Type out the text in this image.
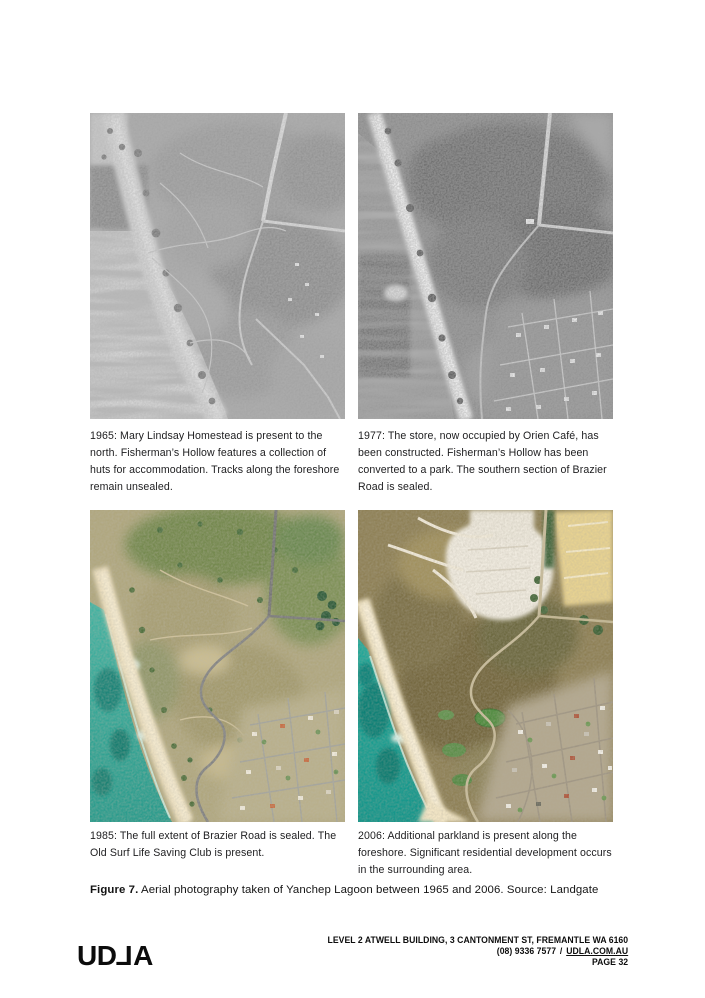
1965: Mary Lindsay Homestead is present to the north. Fisherman’s Hollow features a collection of huts for accommodation. Tracks along the foreshore remain unsealed.

1977: The store, now occupied by Orien Café, has been constructed. Fisherman’s Hollow has been converted to a park. The southern section of Brazier Road is sealed.

1985: The full extent of Brazier Road is sealed. The Old Surf Life Saving Club is present.

2006: Additional parkland is present along the foreshore. Significant residential development occurs in the surrounding area.

Figure 7. Aerial photography taken of Yanchep Lagoon between 1965 and 2006. Source: Landgate

UDLA	LEVEL 2 ATWELL BUILDING, 3 CANTONMENT ST, FREMANTLE WA 6160
(08) 9336 7577 / UDLA.COM.AU
PAGE 32
